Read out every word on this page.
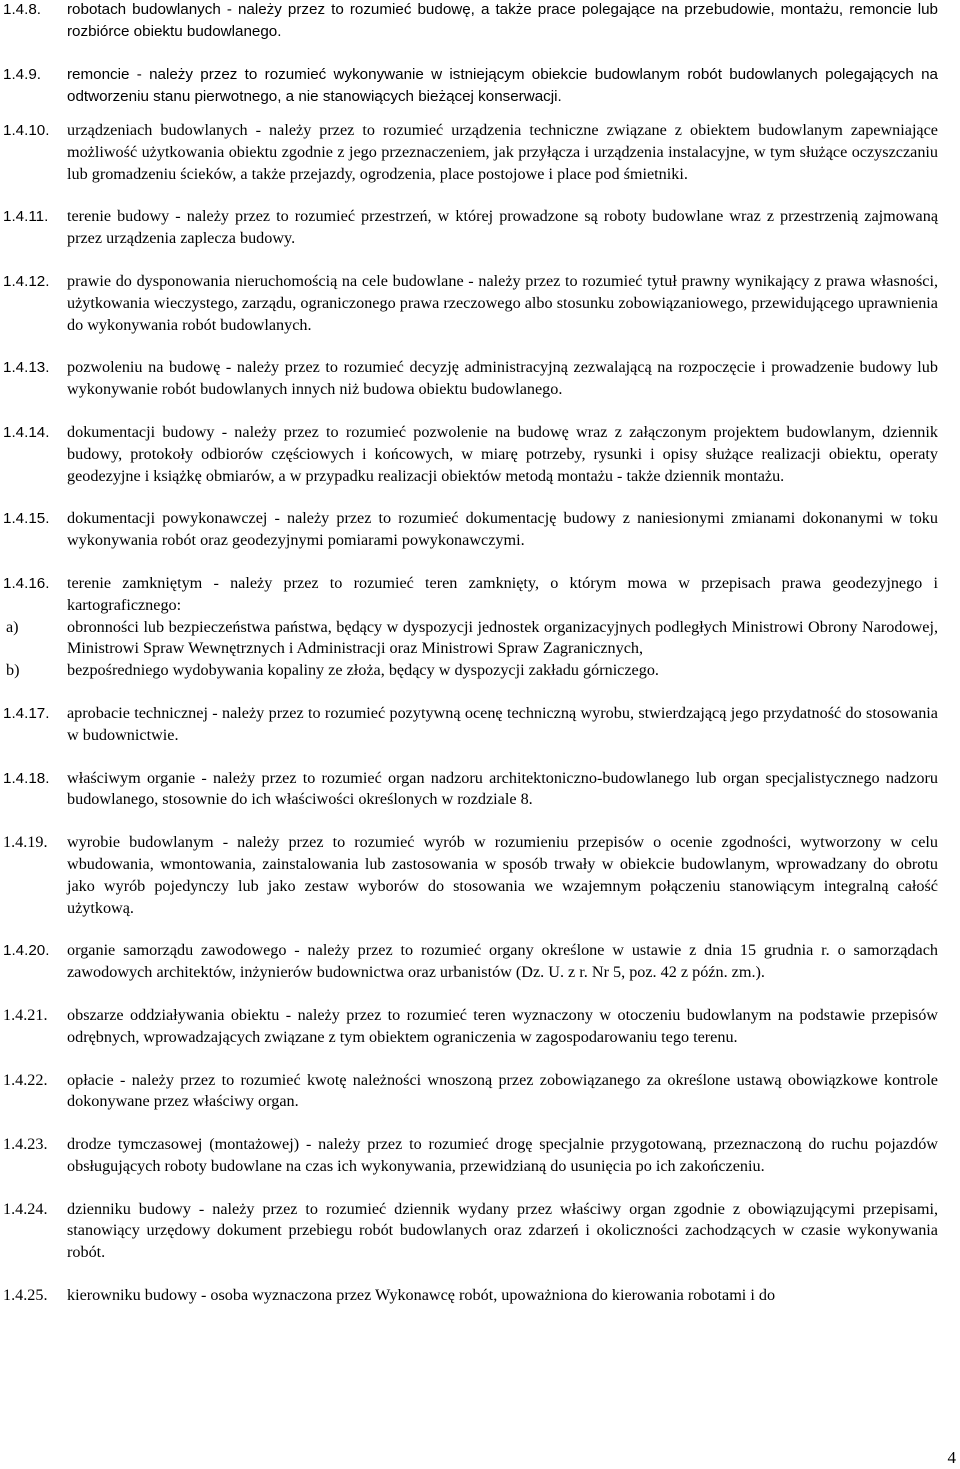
1.4.8.	robotach budowlanych - należy przez to rozumieć budowę, a także prace polegające na przebudowie, montażu, remoncie lub rozbiórce obiektu budowlanego.
1.4.9.	remoncie - należy przez to rozumieć wykonywanie w istniejącym obiekcie budowlanym robót budowlanych polegających na odtworzeniu stanu pierwotnego, a nie stanowiących bieżącej konserwacji.
1.4.10.	urządzeniach budowlanych - należy przez to rozumieć urządzenia techniczne związane z obiektem budowlanym zapewniające możliwość użytkowania obiektu zgodnie z jego przeznaczeniem, jak przyłącza i urządzenia instalacyjne, w tym służące oczyszczaniu lub gromadzeniu ścieków, a także przejazdy, ogrodzenia, place postojowe i place pod śmietniki.
1.4.11.	terenie budowy - należy przez to rozumieć przestrzeń, w której prowadzone są roboty budowlane wraz z przestrzenią zajmowaną przez urządzenia zaplecza budowy.
1.4.12.	prawie do dysponowania nieruchomością na cele budowlane - należy przez to rozumieć tytuł prawny wynikający z prawa własności, użytkowania wieczystego, zarządu, ograniczonego prawa rzeczowego albo stosunku zobowiązaniowego, przewidującego uprawnienia do wykonywania robót budowlanych.
1.4.13.	pozwoleniu na budowę - należy przez to rozumieć decyzję administracyjną zezwalającą na rozpoczęcie i prowadzenie budowy lub wykonywanie robót budowlanych innych niż budowa obiektu budowlanego.
1.4.14.	dokumentacji budowy - należy przez to rozumieć pozwolenie na budowę wraz z załączonym projektem budowlanym, dziennik budowy, protokoły odbiorów częściowych i końcowych, w miarę potrzeby, rysunki i opisy służące realizacji obiektu, operaty geodezyjne i książkę obmiarów, a w przypadku realizacji obiektów metodą montażu - także dziennik montażu.
1.4.15.	dokumentacji powykonawczej - należy przez to rozumieć dokumentację budowy z naniesionymi zmianami dokonanymi w toku wykonywania robót oraz geodezyjnymi pomiarami powykonawczymi.
1.4.16.	terenie zamkniętym - należy przez to rozumieć teren zamknięty, o którym mowa w przepisach prawa geodezyjnego i kartograficznego:
a)	obronności lub bezpieczeństwa państwa, będący w dyspozycji jednostek organizacyjnych podległych Ministrowi Obrony Narodowej, Ministrowi Spraw Wewnętrznych i Administracji oraz Ministrowi Spraw Zagranicznych,
b)	bezpośredniego wydobywania kopaliny ze złoża, będący w dyspozycji zakładu górniczego.
1.4.17.	aprobacie technicznej - należy przez to rozumieć pozytywną ocenę techniczną wyrobu, stwierdzającą jego przydatność do stosowania w budownictwie.
1.4.18.	właściwym organie - należy przez to rozumieć organ nadzoru architektoniczno-budowlanego lub organ specjalistycznego nadzoru budowlanego, stosownie do ich właściwości określonych w rozdziale 8.
1.4.19.	wyrobie budowlanym - należy przez to rozumieć wyrób w rozumieniu przepisów o ocenie zgodności, wytworzony w celu wbudowania, wmontowania, zainstalowania lub zastosowania w sposób trwały w obiekcie budowlanym, wprowadzany do obrotu jako wyrób pojedynczy lub jako zestaw wyborów do stosowania we wzajemnym połączeniu stanowiącym integralną całość użytkową.
1.4.20.	organie samorządu zawodowego - należy przez to rozumieć organy określone w ustawie z dnia 15 grudnia r. o samorządach zawodowych architektów, inżynierów budownictwa oraz urbanistów (Dz. U. z r. Nr 5, poz. 42 z późn. zm.).
1.4.21.	obszarze oddziaływania obiektu - należy przez to rozumieć teren wyznaczony w otoczeniu budowlanym na podstawie przepisów odrębnych, wprowadzających związane z tym obiektem ograniczenia w zagospodarowaniu tego terenu.
1.4.22.	opłacie - należy przez to rozumieć kwotę należności wnoszoną przez zobowiązanego za określone ustawą obowiązkowe kontrole dokonywane przez właściwy organ.
1.4.23.	drodze tymczasowej (montażowej) - należy przez to rozumieć drogę specjalnie przygotowaną, przeznaczoną do ruchu pojazdów obsługujących roboty budowlane na czas ich wykonywania, przewidzianą do usunięcia po ich zakończeniu.
1.4.24.	dzienniku budowy - należy przez to rozumieć dziennik wydany przez właściwy organ zgodnie z obowiązującymi przepisami, stanowiący urzędowy dokument przebiegu robót budowlanych oraz zdarzeń i okoliczności zachodzących w czasie wykonywania robót.
1.4.25.	kierowniku budowy - osoba wyznaczona przez Wykonawcę robót, upoważniona do kierowania robotami i do
4
